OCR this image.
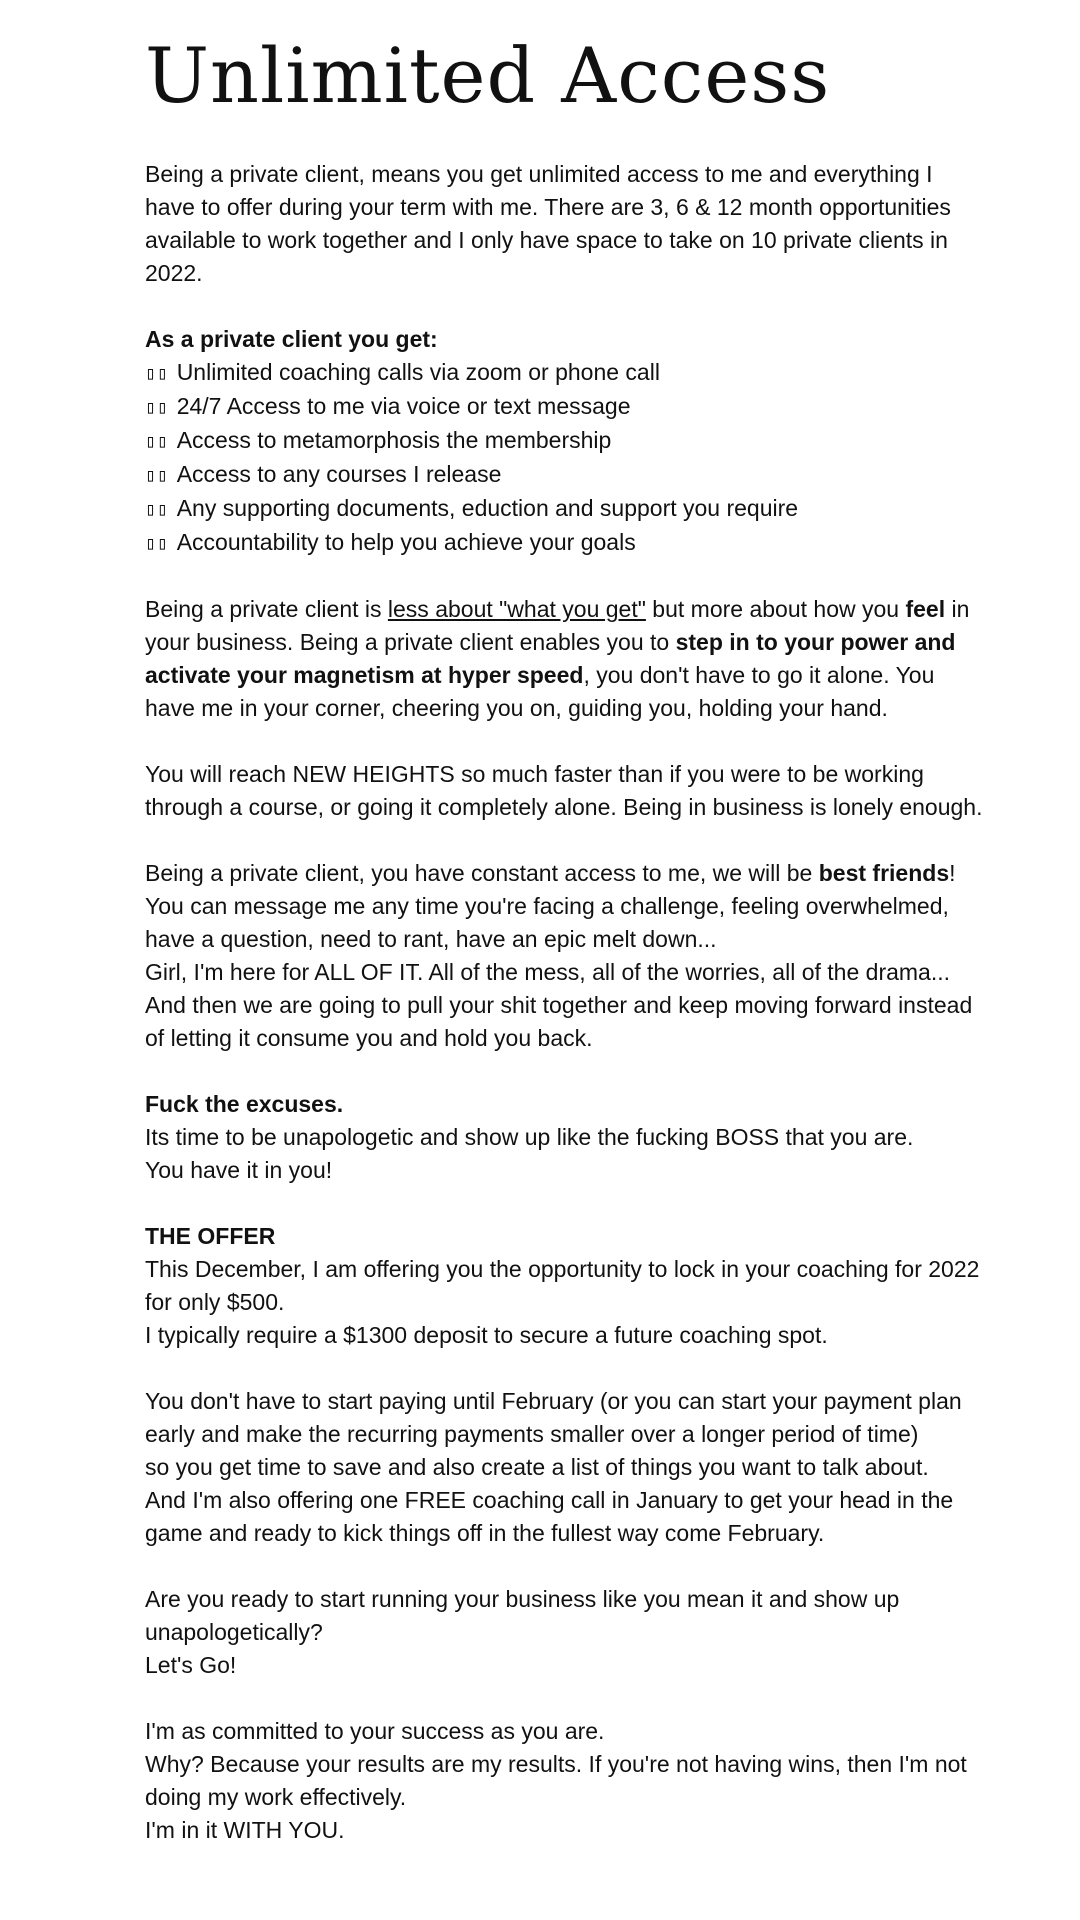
Unlimited Access

Being a private client, means you get unlimited access to me and everything I have to offer during your term with me. There are 3, 6 & 12 month opportunities available to work together and I only have space to take on 10 private clients in 2022.

As a private client you get:
▯▯ Unlimited coaching calls via zoom or phone call
▯▯ 24/7 Access to me via voice or text message
▯▯ Access to metamorphosis the membership
▯▯ Access to any courses I release
▯▯ Any supporting documents, eduction and support you require
▯▯ Accountability to help you achieve your goals

Being a private client is less about "what you get" but more about how you feel in your business. Being a private client enables you to step in to your power and activate your magnetism at hyper speed, you don't have to go it alone. You have me in your corner, cheering you on, guiding you, holding your hand.

You will reach NEW HEIGHTS so much faster than if you were to be working through a course, or going it completely alone. Being in business is lonely enough.

Being a private client, you have constant access to me, we will be best friends! You can message me any time you're facing a challenge, feeling overwhelmed, have a question, need to rant, have an epic melt down...
Girl, I'm here for ALL OF IT. All of the mess, all of the worries, all of the drama... And then we are going to pull your shit together and keep moving forward instead of letting it consume you and hold you back.

Fuck the excuses.
Its time to be unapologetic and show up like the fucking BOSS that you are.
You have it in you!

THE OFFER
This December, I am offering you the opportunity to lock in your coaching for 2022 for only $500.
I typically require a $1300 deposit to secure a future coaching spot.

You don't have to start paying until February (or you can start your payment plan early and make the recurring payments smaller over a longer period of time)
so you get time to save and also create a list of things you want to talk about.
And I'm also offering one FREE coaching call in January to get your head in the game and ready to kick things off in the fullest way come February.

Are you ready to start running your business like you mean it and show up unapologetically?
Let's Go!

I'm as committed to your success as you are.
Why? Because your results are my results. If you're not having wins, then I'm not doing my work effectively.
I'm in it WITH YOU.
